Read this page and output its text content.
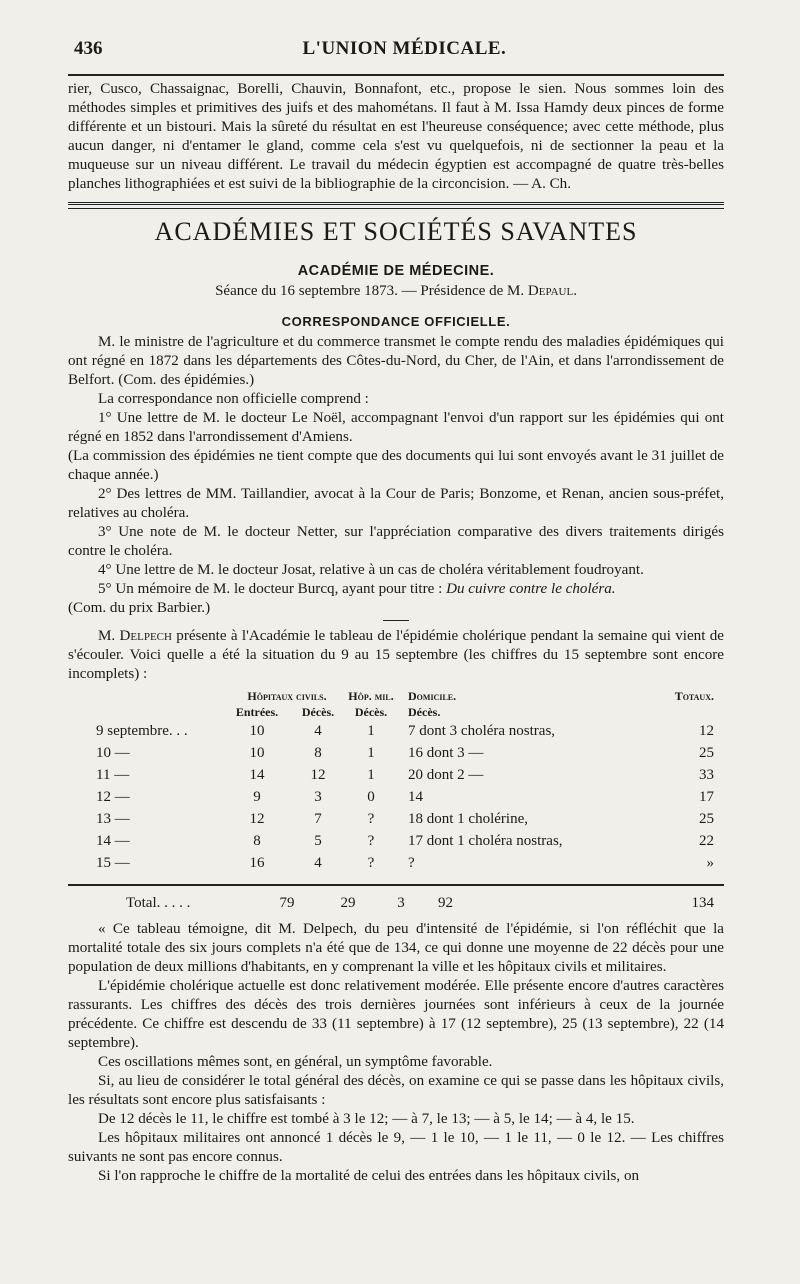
436	L'UNION MÉDICALE.

rier, Cusco, Chassaignac, Borelli, Chauvin, Bonnafont, etc., propose le sien. Nous sommes loin des méthodes simples et primitives des juifs et des mahométans. Il faut à M. Issa Hamdy deux pinces de forme différente et un bistouri. Mais la sûreté du résultat en est l'heureuse conséquence; avec cette méthode, plus aucun danger, ni d'entamer le gland, comme cela s'est vu quelquefois, ni de sectionner la peau et la muqueuse sur un niveau différent. Le travail du médecin égyptien est accompagné de quatre très-belles planches lithographiées et est suivi de la bibliographie de la circoncision. — A. Ch.

ACADÉMIES ET SOCIÉTÉS SAVANTES
ACADÉMIE DE MÉDECINE.
Séance du 16 septembre 1873. — Présidence de M. Depaul.
CORRESPONDANCE OFFICIELLE.

M. le ministre de l'agriculture et du commerce transmet le compte rendu des maladies épidémiques qui ont régné en 1872 dans les départements des Côtes-du-Nord, du Cher, de l'Ain, et dans l'arrondissement de Belfort. (Com. des épidémies.)

La correspondance non officielle comprend :

1° Une lettre de M. le docteur Le Noël, accompagnant l'envoi d'un rapport sur les épidémies qui ont régné en 1852 dans l'arrondissement d'Amiens.

(La commission des épidémies ne tient compte que des documents qui lui sont envoyés avant le 31 juillet de chaque année.)

2° Des lettres de MM. Taillandier, avocat à la Cour de Paris; Bonzome, et Renan, ancien sous-préfet, relatives au choléra.

3° Une note de M. le docteur Netter, sur l'appréciation comparative des divers traitements dirigés contre le choléra.

4° Une lettre de M. le docteur Josat, relative à un cas de choléra véritablement foudroyant.

5° Un mémoire de M. le docteur Burcq, ayant pour titre : Du cuivre contre le choléra.
(Com. du prix Barbier.)

M. Delpech présente à l'Académie le tableau de l'épidémie cholérique pendant la semaine qui vient de s'écouler. Voici quelle a été la situation du 9 au 15 septembre (les chiffres du 15 septembre sont encore incomplets) :

	Hôpitaux civils.		Hôp. mil.	Domicile.	Totaux.
	Entrées.	Décès.	Décès.	Décès.	
9 septembre. . .	10	4	1	7 dont 3 choléra nostras,	12
10 —	10	8	1	16 dont 3 —	25
11 —	14	12	1	20 dont 2 —	33
12 —	9	3	0	14	17
13 —	12	7	?	18 dont 1 cholérine,	25
14 —	8	5	?	17 dont 1 choléra nostras,	22
15 —	16	4	?	?	»
Total. . . . .	79	29	3	92	134

« Ce tableau témoigne, dit M. Delpech, du peu d'intensité de l'épidémie, si l'on réfléchit que la mortalité totale des six jours complets n'a été que de 134, ce qui donne une moyenne de 22 décès pour une population de deux millions d'habitants, en y comprenant la ville et les hôpitaux civils et militaires.

L'épidémie cholérique actuelle est donc relativement modérée. Elle présente encore d'autres caractères rassurants. Les chiffres des décès des trois dernières journées sont inférieurs à ceux de la journée précédente. Ce chiffre est descendu de 33 (11 septembre) à 17 (12 septembre), 25 (13 septembre), 22 (14 septembre).

Ces oscillations mêmes sont, en général, un symptôme favorable.

Si, au lieu de considérer le total général des décès, on examine ce qui se passe dans les hôpitaux civils, les résultats sont encore plus satisfaisants :

De 12 décès le 11, le chiffre est tombé à 3 le 12; — à 7, le 13; — à 5, le 14; — à 4, le 15.

Les hôpitaux militaires ont annoncé 1 décès le 9, — 1 le 10, — 1 le 11, — 0 le 12. — Les chiffres suivants ne sont pas encore connus.

Si l'on rapproche le chiffre de la mortalité de celui des entrées dans les hôpitaux civils, on
